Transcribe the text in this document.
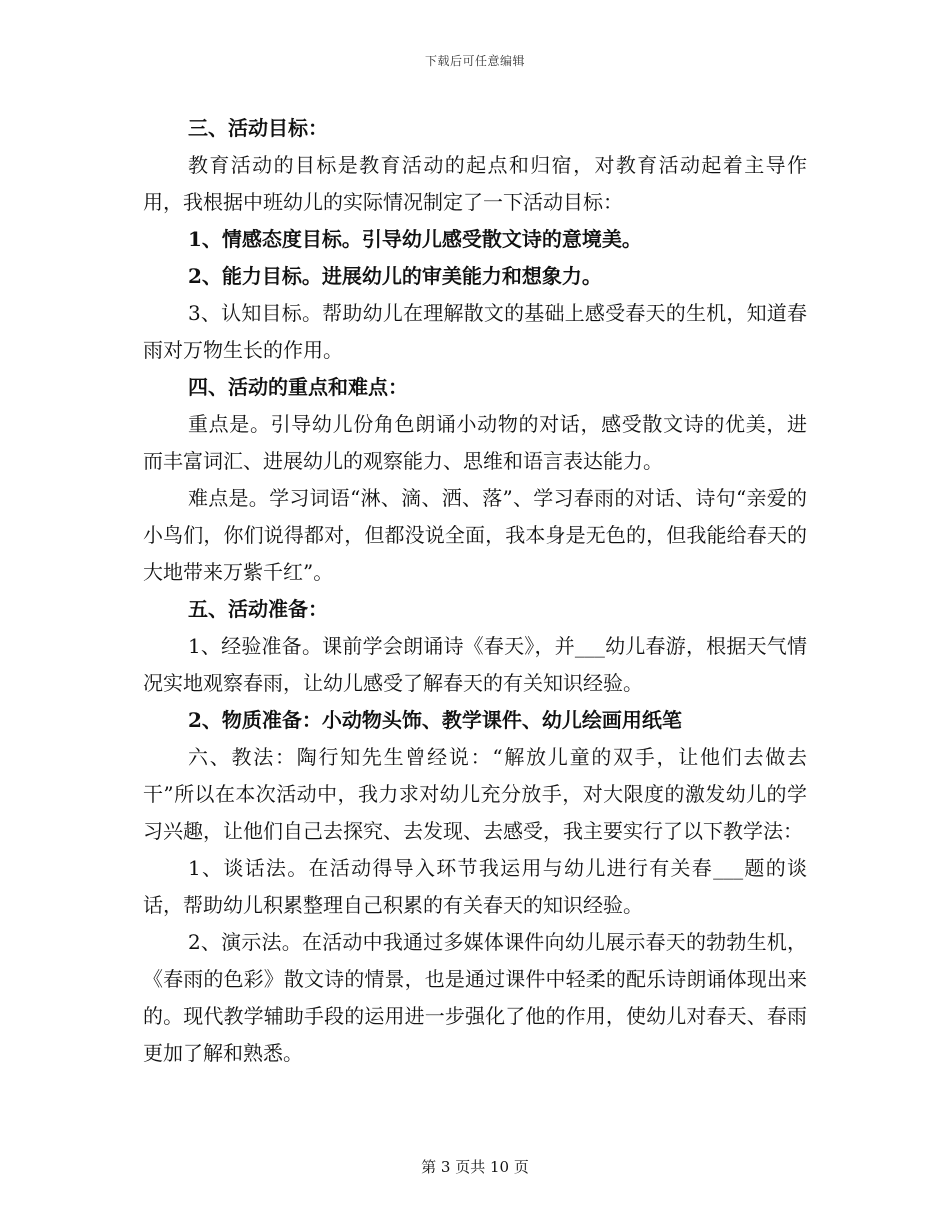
下载后可任意编辑

三、活动目标：

教育活动的目标是教育活动的起点和归宿，对教育活动起着主导作用，我根据中班幼儿的实际情况制定了一下活动目标：

1、情感态度目标。引导幼儿感受散文诗的意境美。

2、能力目标。进展幼儿的审美能力和想象力。

3、认知目标。帮助幼儿在理解散文的基础上感受春天的生机，知道春雨对万物生长的作用。

四、活动的重点和难点：

重点是。引导幼儿份角色朗诵小动物的对话，感受散文诗的优美，进而丰富词汇、进展幼儿的观察能力、思维和语言表达能力。

难点是。学习词语“淋、滴、洒、落”、学习春雨的对话、诗句“亲爱的小鸟们，你们说得都对，但都没说全面，我本身是无色的，但我能给春天的大地带来万紫千红”。

五、活动准备：

1、经验准备。课前学会朗诵诗《春天》，并___幼儿春游，根据天气情况实地观察春雨，让幼儿感受了解春天的有关知识经验。

2、物质准备：小动物头饰、教学课件、幼儿绘画用纸笔

六、教法：陶行知先生曾经说：“解放儿童的双手，让他们去做去干”所以在本次活动中，我力求对幼儿充分放手，对大限度的激发幼儿的学习兴趣，让他们自己去探究、去发现、去感受，我主要实行了以下教学法：

1、谈话法。在活动得导入环节我运用与幼儿进行有关春___题的谈话，帮助幼儿积累整理自己积累的有关春天的知识经验。

2、演示法。在活动中我通过多媒体课件向幼儿展示春天的勃勃生机，《春雨的色彩》散文诗的情景，也是通过课件中轻柔的配乐诗朗诵体现出来的。现代教学辅助手段的运用进一步强化了他的作用，使幼儿对春天、春雨更加了解和熟悉。

第 3 页共 10 页
